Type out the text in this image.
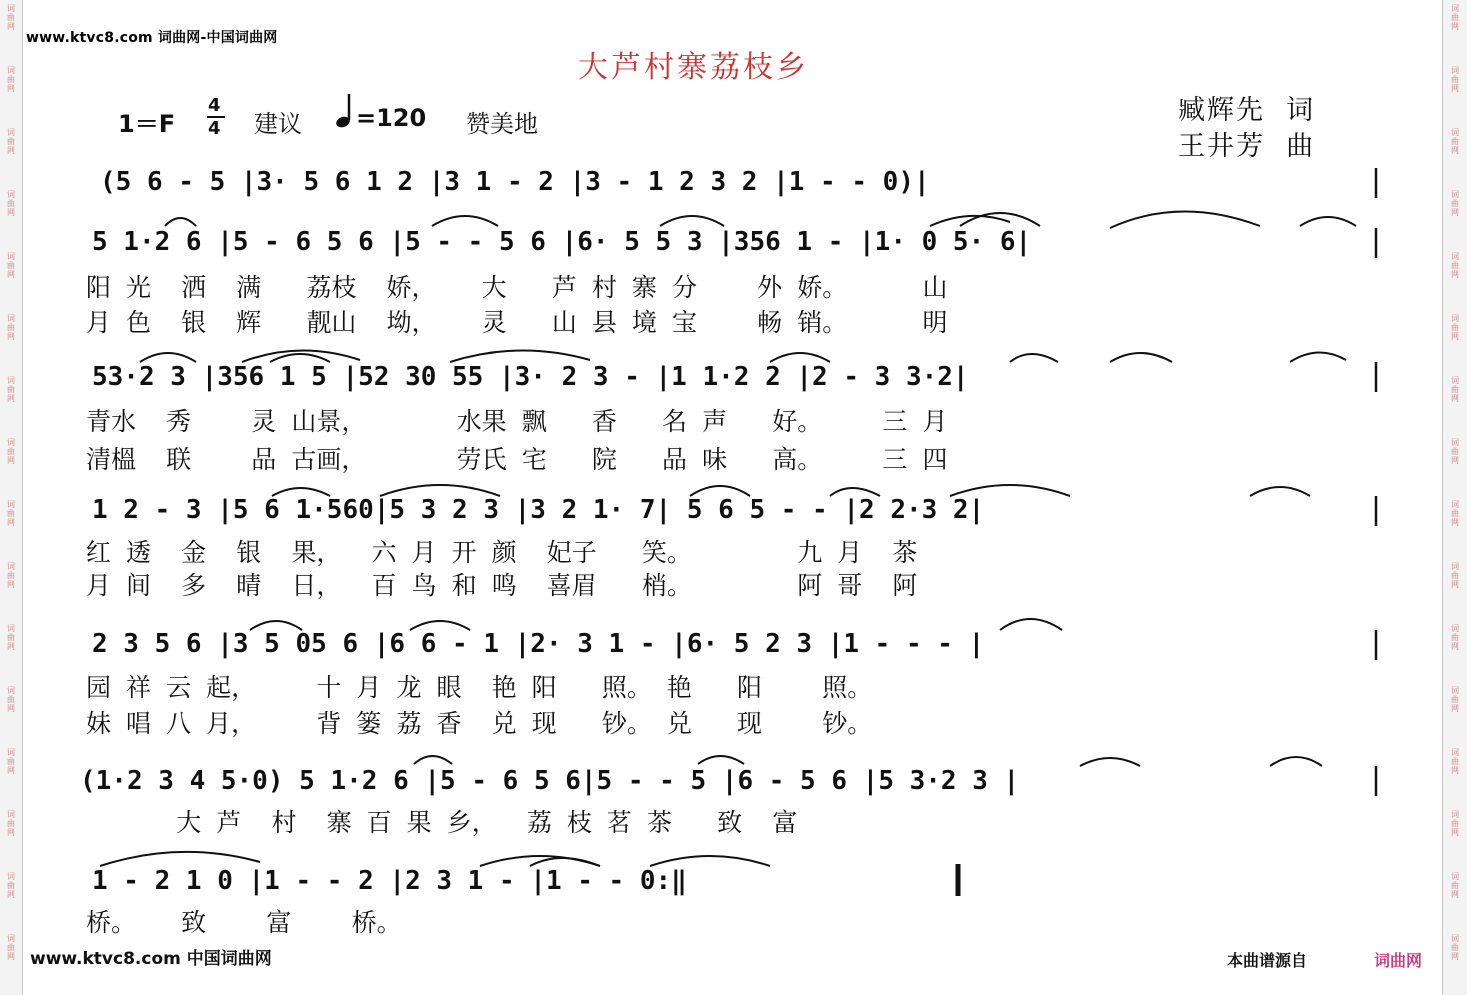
词
曲
网
词
曲
网
词
曲
网
词
曲
网
词
曲
网
词
曲
网
词
曲
网
词
曲
网
词
曲
网
词
曲
网
词
曲
网
词
曲
网
词
曲
网
词
曲
网
词
曲
网
词
曲
网
词
曲
网
词
曲
网
词
曲
网
词
曲
网
词
曲
网
词
曲
网
词
曲
网
词
曲
网
词
曲
网
词
曲
网
词
曲
网
词
曲
网
词
曲
网
词
曲
网
词
曲
网
词
曲
网
www.ktvc8.com 词曲网-中国词曲网
大芦村寨荔枝乡
1＝F
4
4 建议 =120 赞美地	臧辉先  词
王井芳  曲
(5 6 - 5 |3· 5 6 1 2 |3 1 - 2 |3 - 1 2 3 2 |1 - - 0)|
5 1·2 6 |5 - 6 5 6 |5 - - 5 6 |6· 5 5 3 |356 1 - |1· 0 5· 6|
阳 光  洒  满   荔枝  娇，   大   芦 村 寨 分    外 娇。     山
月 色  银  辉   靓山  坳，   灵   山 县 境 宝    畅 销。     明
53·2 3 |356 1 5 |52 30 55 |3· 2 3 - |1 1·2 2 |2 - 3 3·2|
青水  秀    灵 山景，      水果 飘   香   名 声   好。    三 月
清榲  联    品 古画，      劳氏 宅   院   品 味   高。    三 四
1 2 - 3 |5 6 1·560|5 3 2 3 |3 2 1· 7| 5 6 5 - - |2 2·3 2|
红 透  金  银  果，  六 月 开 颜  妃子   笑。       九 月  茶
月 间  多  晴  日，  百 鸟 和 鸣  喜眉   梢。       阿 哥  阿
2 3 5 6 |3 5 05 6 |6 6 - 1 |2· 3 1 - |6· 5 2 3 |1 - - - |
园 祥 云 起，    十 月 龙 眼  艳 阳   照。 艳   阳    照。
妹 唱 八 月，    背 篓 荔 香  兑 现   钞。 兑   现    钞。
(1·2 3 4 5·0) 5 1·2 6 |5 - 6 5 6|5 - - 5 |6 - 5 6 |5 3·2 3 |
大 芦  村  寨 百 果 乡，  荔 枝 茗 茶   致  富
1 - 2 1 0 |1 - - 2 |2 3 1 - |1 - - 0:‖
桥。   致    富    桥。
www.ktvc8.com 中国词曲网	本曲谱源自	词曲网
